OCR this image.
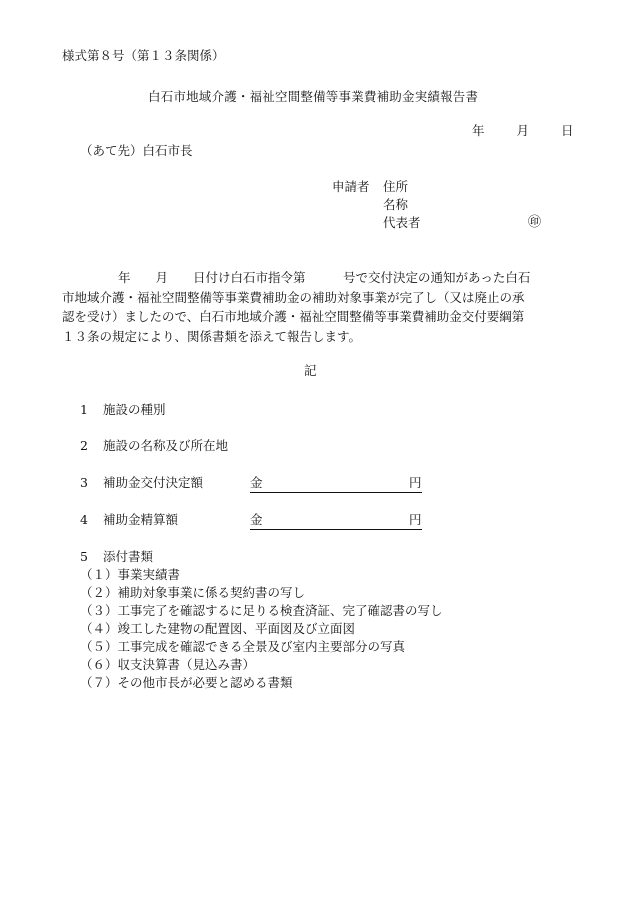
様式第８号（第１３条関係）
白石市地域介護・福祉空間整備等事業費補助金実績報告書
年	月	日
（あて先）白石市長
申請者 住所
名称
代表者	㊞
年　　月　　日付け白石市指令第　　　号で交付決定の通知があった白石
市地域介護・福祉空間整備等事業費補助金の補助対象事業が完了し（又は廃止の承
認を受け）ましたので、白石市地域介護・福祉空間整備等事業費補助金交付要綱第
１３条の規定により、関係書類を添えて報告します。
記
1 施設の種別
2 施設の名称及び所在地
3 補助金交付決定額	金	円
4 補助金精算額	金	円
5 添付書類
（１）事業実績書
（２）補助対象事業に係る契約書の写し
（３）工事完了を確認するに足りる検査済証、完了確認書の写し
（４）竣工した建物の配置図、平面図及び立面図
（５）工事完成を確認できる全景及び室内主要部分の写真
（６）収支決算書（見込み書）
（７）その他市長が必要と認める書類
